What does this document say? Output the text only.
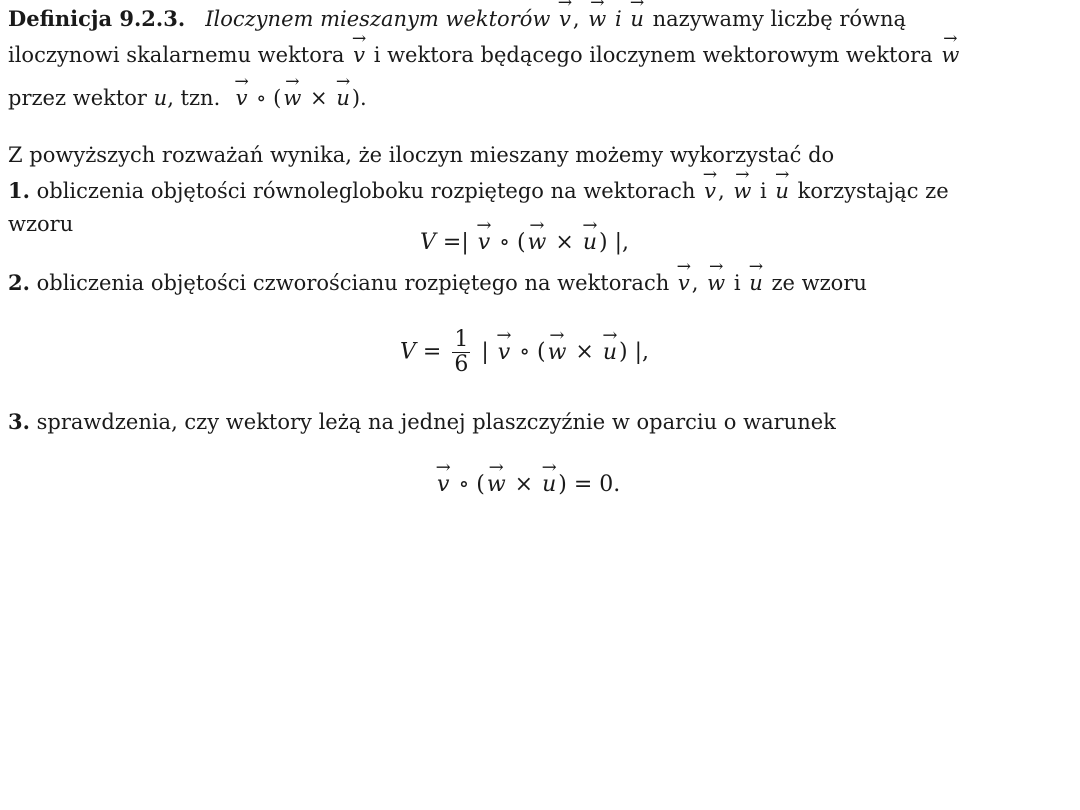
Definicja 9.2.3. Iloczynem mieszanym wektorów → v, → w i → u nazywamy liczbę równą
iloczynowi skalarnemu wektora → v i wektora będącego iloczynem wektorowym wektora → w
przez wektor u, tzn. → v ∘ (→ w × → u).
Z powyższych rozważań wynika, że iloczyn mieszany możemy wykorzystać do
1. obliczenia objętości równolegloboku rozpiętego na wektorach → v, → w i → u korzystając ze
wzoru
V =| → v ∘ (→ w × → u) |,
2. obliczenia objętości czworościanu rozpiętego na wektorach → v, → w i → u ze wzoru
$V = \frac{1}{6}$ | → v ∘ (→ w × → u) |,
3. sprawdzenia, czy wektory leżą na jednej plaszczyźnie w oparciu o warunek
→ v ∘ (→ w × → u) = 0.
